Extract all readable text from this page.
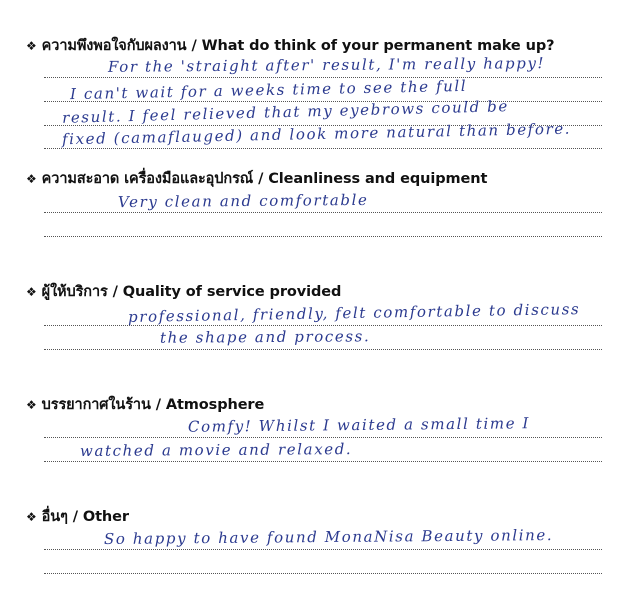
❖ ความพึงพอใจกับผลงาน / What do think of your permanent make up?
For the 'straight after' result, I'm really happy!
I can't wait for a weeks time to see the full
result. I feel relieved that my eyebrows could be
fixed (camaflauged) and look more natural than before.
❖ ความสะอาด เครื่องมือและอุปกรณ์ / Cleanliness and equipment
Very clean and comfortable
❖ ผู้ให้บริการ / Quality of service provided
professional, friendly, felt comfortable to discuss
the shape and process.
❖ บรรยากาศในร้าน / Atmosphere
Comfy! Whilst I waited a small time I
watched a movie and relaxed.
❖ อื่นๆ / Other
So happy to have found MonaNisa Beauty online.
